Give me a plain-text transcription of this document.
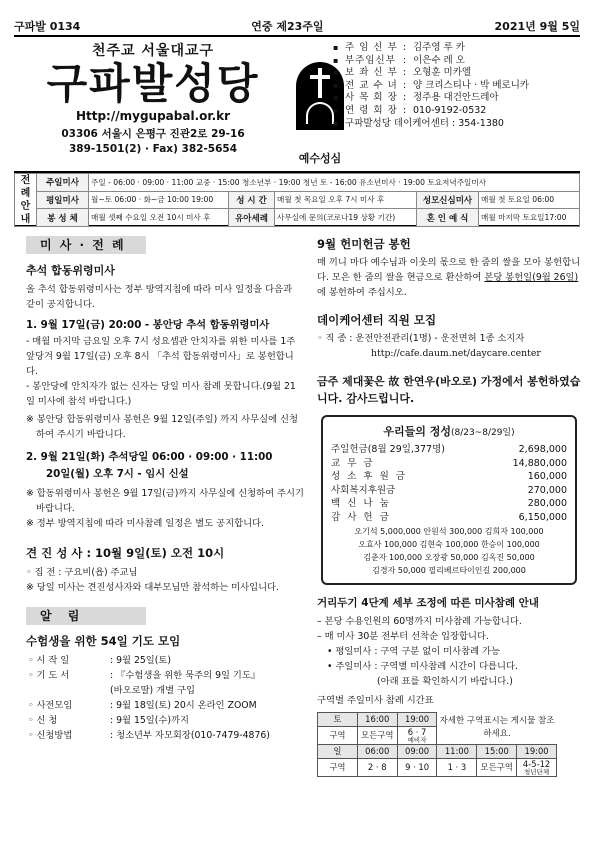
구파발 0134	연중 제23주일	2021년 9월 5일
천주교 서울대교구
구파발성당
Http://mygupabal.or.kr
03306 서울시 은평구 진관2로 29-16
389-1501(2) · Fax) 382-5654
예수성심
▪ 주 임 신 부 : 김주영 루 카
▪ 부주임신부 : 이은수 레 오
▪ 보 좌 신 부 : 오형훈 미카엘
▪ 전 교 수 녀 : 양 크리스티나 · 박 베로니카
▪ 사 목 회 장 : 정주용 대건안드레아
▪ 연 령 회 장 : 010-9192-0532
▪ 구파발성당 데이케어센터 : 354-1380
전례안내	주일미사	주일 - 06:00 · 09:00 · 11:00 교중 · 15:00 청소년부 · 19:00 청년 토 - 16:00 유소년미사 · 19:00 토요저녁주일미사				
	평일미사	월~토 06:00 · 화~금 10:00 19:00	성 시 간	매월 첫 목요일 오후 7시 미사 후	성모신심미사	매월 첫 토요일 06:00
	봉 성 체	매월 셋째 수요일 오전 10시 미사 후	유아세례	사무실에 문의(코로나19 상황 기간)	혼 인 예 식	매월 마지막 토요일17:00
미 사 · 전 례
추석 합동위령미사
올 추석 합동위령미사는 정부 방역지침에 따라 미사 일정을 다음과 같이 공지합니다.
1. 9월 17일(금) 20:00 - 봉안당 추석 합동위령미사
- 매월 마지막 금요일 오후 7시 성요셉관 안치자를 위한 미사를 1주 앞당겨 9월 17일(금) 오후 8시 「추석 합동위령미사」로 봉헌합니다.
- 봉안당에 안치자가 없는 신자는 당일 미사 참례 못합니다.(9월 21일 미사에 참석 바랍니다.)
※ 봉안당 합동위령미사 봉헌은 9월 12일(주일) 까지 사무실에 신청하여 주시기 바랍니다.
2. 9월 21일(화) 추석당일 06:00 · 09:00 · 11:00
20일(월) 오후 7시 - 임시 신설
※ 합동위령미사 봉헌은 9월 17일(금)까지 사무실에 신청하여 주시기 바랍니다.
※ 정부 방역지침에 따라 미사참례 일정은 별도 공지합니다.
견 진 성 사 : 10월 9일(토) 오전 10시
◦ 집 전 : 구요비(욥) 주교님
※ 당일 미사는 견진성사자와 대부모님만 참석하는 미사입니다.
알 림
수험생을 위한 54일 기도 모임
◦ 시 작 일	: 9월 25일(토)
◦ 기 도 서	: 『수험생을 위한 묵주의 9일 기도』
(바오로딸) 개별 구입
◦ 사전모임	: 9월 18일(토) 20시 온라인 ZOOM
◦ 신 청	: 9월 15일(수)까지
◦ 신청방법	: 청소년부 자모회장(010-7479-4876)
9월 헌미헌금 봉헌
매 끼니 마다 예수님과 이웃의 몫으로 한 줌의 쌀을 모아 봉헌합니다. 모은 한 줌의 쌀을 현금으로 환산하여 본당 봉헌일(9월 26일)에 봉헌하여 주십시오.
데이케어센터 직원 모집
◦ 직 종 : 운전안전관리(1명) - 운전면허 1종 소지자
http://cafe.daum.net/daycare.center
금주 제대꽃은 故 한연우(바오로) 가정에서 봉헌하였습니다. 감사드립니다.
우리들의 정성(8/23~8/29일)
주일헌금(8월 29일,377명)	2,698,000
교 무 금	14,880,000
성 소 후 원 금	160,000
사회복지후원금	270,000
백 신 나 눔	280,000
감 사 헌 금	6,150,000
오기석 5,000,000 안원석 300,000 김희자 100,000
오효사 100,000 김현숙 100,000 한승이 100,000
김춘자 100,000 오장광 50,000 김옥진 50,000
김경자 50,000 필리베르타이인길 200,000
거리두기 4단계 세부 조정에 따른 미사참례 안내
– 본당 수용인원의 60명까지 미사참례 가능합니다.
– 매 미사 30분 전부터 선착순 입장합니다.
• 평일미사 : 구역 구분 없이 미사참례 가능
• 주일미사 : 구역별 미사참례 시간이 다릅니다.
(아래 표를 확인하시기 바랍니다.)
구역별 주일미사 참례 시간표
토	16:00	19:00	자세한 구역표시는 게시물 참조하세요.		
구역	모든구역	6 · 7
예비자			

일	06:00	09:00	11:00	15:00	19:00
구역	2 · 8	9 · 10	1 · 3	모든구역	4-5-12
청년단체
